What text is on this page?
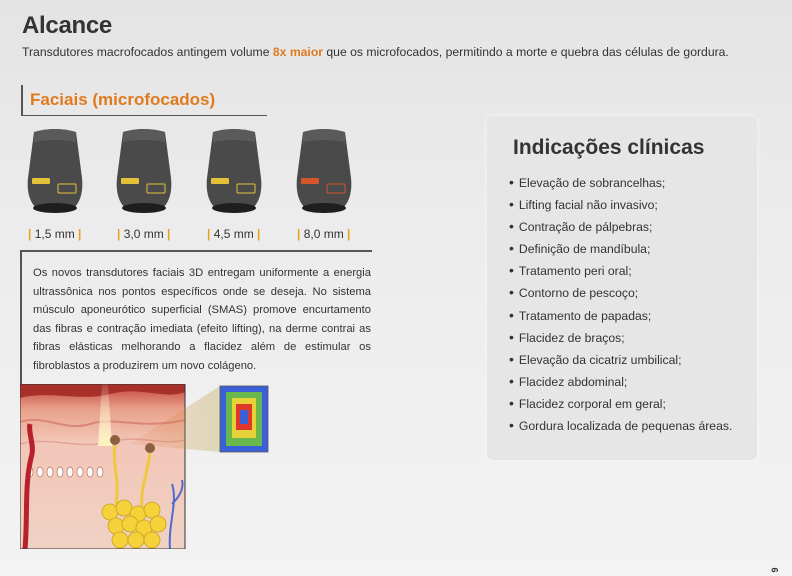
Alcance
Transdutores macrofocados antingem volume 8x maior que os microfocados, permitindo a morte e quebra das células de gordura.
Faciais (microfocados)
| 1,5 mm |	| 3,0 mm |	| 4,5 mm |	| 8,0 mm |
Os novos transdutores faciais 3D entregam uniformente a energia ultrassônica nos pontos específicos onde se deseja. No sistema músculo aponeurótico superficial (SMAS) promove encurtamento das fibras e contração imediata (efeito lifting), na derme contrai as fibras elásticas melhorando a flacidez além de estimular os fibroblastos a produzirem um novo colágeno.
Indicações clínicas
• Elevação de sobrancelhas;
• Lifting facial não invasivo;
• Contração de pálpebras;
• Definição de mandíbula;
• Tratamento peri oral;
• Contorno de pescoço;
• Tratamento de papadas;
• Flacidez de braços;
• Elevação da cicatriz umbilical;
• Flacidez abdominal;
• Flacidez corporal em geral;
• Gordura localizada de pequenas áreas.
6
